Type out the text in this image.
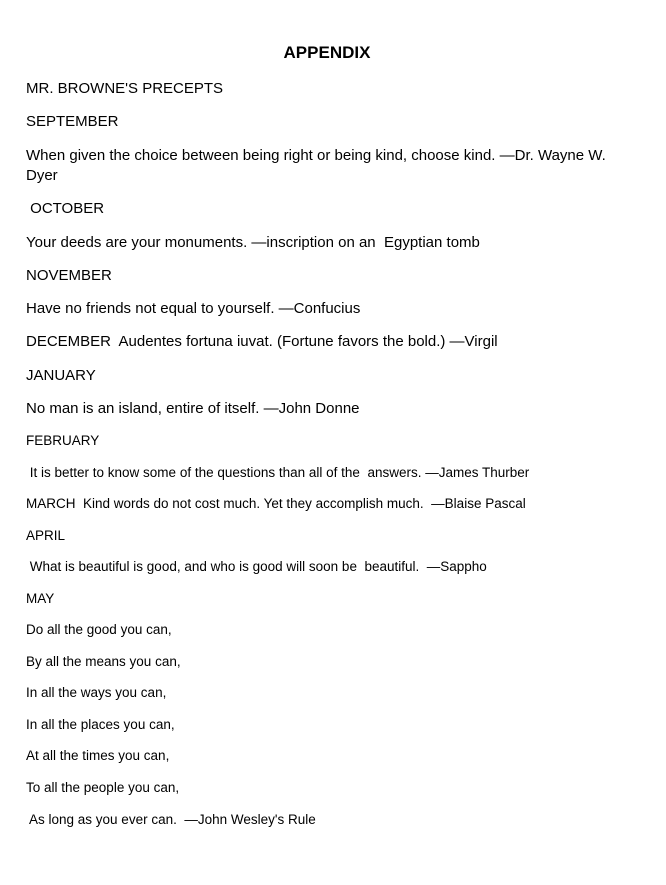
APPENDIX
MR. BROWNE'S PRECEPTS
SEPTEMBER
When given the choice between being right or being kind, choose kind. —Dr. Wayne W. Dyer
OCTOBER
Your deeds are your monuments. —inscription on an  Egyptian tomb
NOVEMBER
Have no friends not equal to yourself. —Confucius
DECEMBER  Audentes fortuna iuvat. (Fortune favors the bold.) —Virgil
JANUARY
No man is an island, entire of itself. —John Donne
FEBRUARY
It is better to know some of the questions than all of the  answers. —James Thurber
MARCH  Kind words do not cost much. Yet they accomplish much.  —Blaise Pascal
APRIL
What is beautiful is good, and who is good will soon be  beautiful.  —Sappho
MAY
Do all the good you can,
By all the means you can,
In all the ways you can,
In all the places you can,
At all the times you can,
To all the people you can,
As long as you ever can.  —John Wesley's Rule
